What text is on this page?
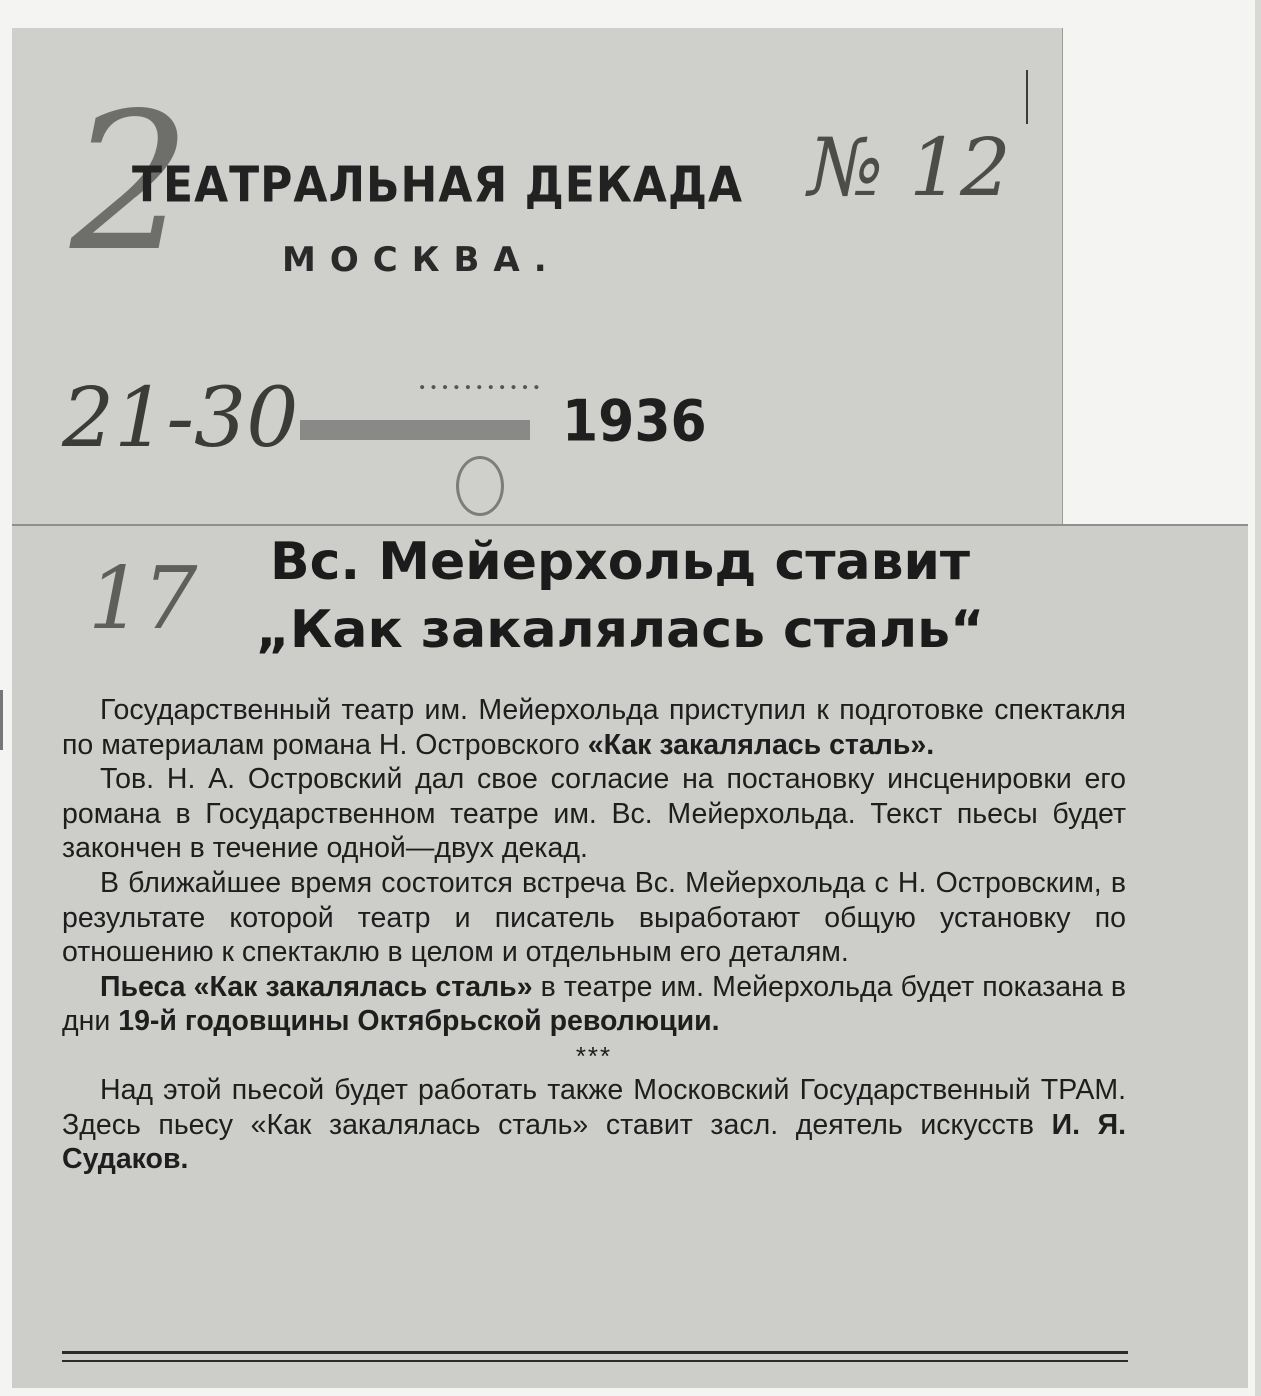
2
ТЕАТРАЛЬНАЯ ДЕКАДА
МОСКВА.
№ 12
∙∙∙∙∙∙∙∙∙∙∙
21-30	1936
17	Вс. Мейерхольд ставит
„Как закалялась сталь“

Государственный театр им. Мейерхольда приступил к подготовке спектакля по материалам романа Н. Островского «Как закалялась сталь».

Тов. Н. А. Островский дал свое согласие на постановку инсценировки его романа в Государственном театре им. Вс. Мейерхольда. Текст пьесы будет закончен в течение одной—двух декад.

В ближайшее время состоится встреча Вс. Мейерхольда с Н. Островским, в результате которой театр и писатель выработают общую установку по отношению к спектаклю в целом и отдельным его деталям.

Пьеса «Как закалялась сталь» в театре им. Мейерхольда будет показана в дни 19-й годовщины Октябрьской революции.

***

Над этой пьесой будет работать также Московский Государственный ТРАМ. Здесь пьесу «Как закалялась сталь» ставит засл. деятель искусств И. Я. Судаков.
